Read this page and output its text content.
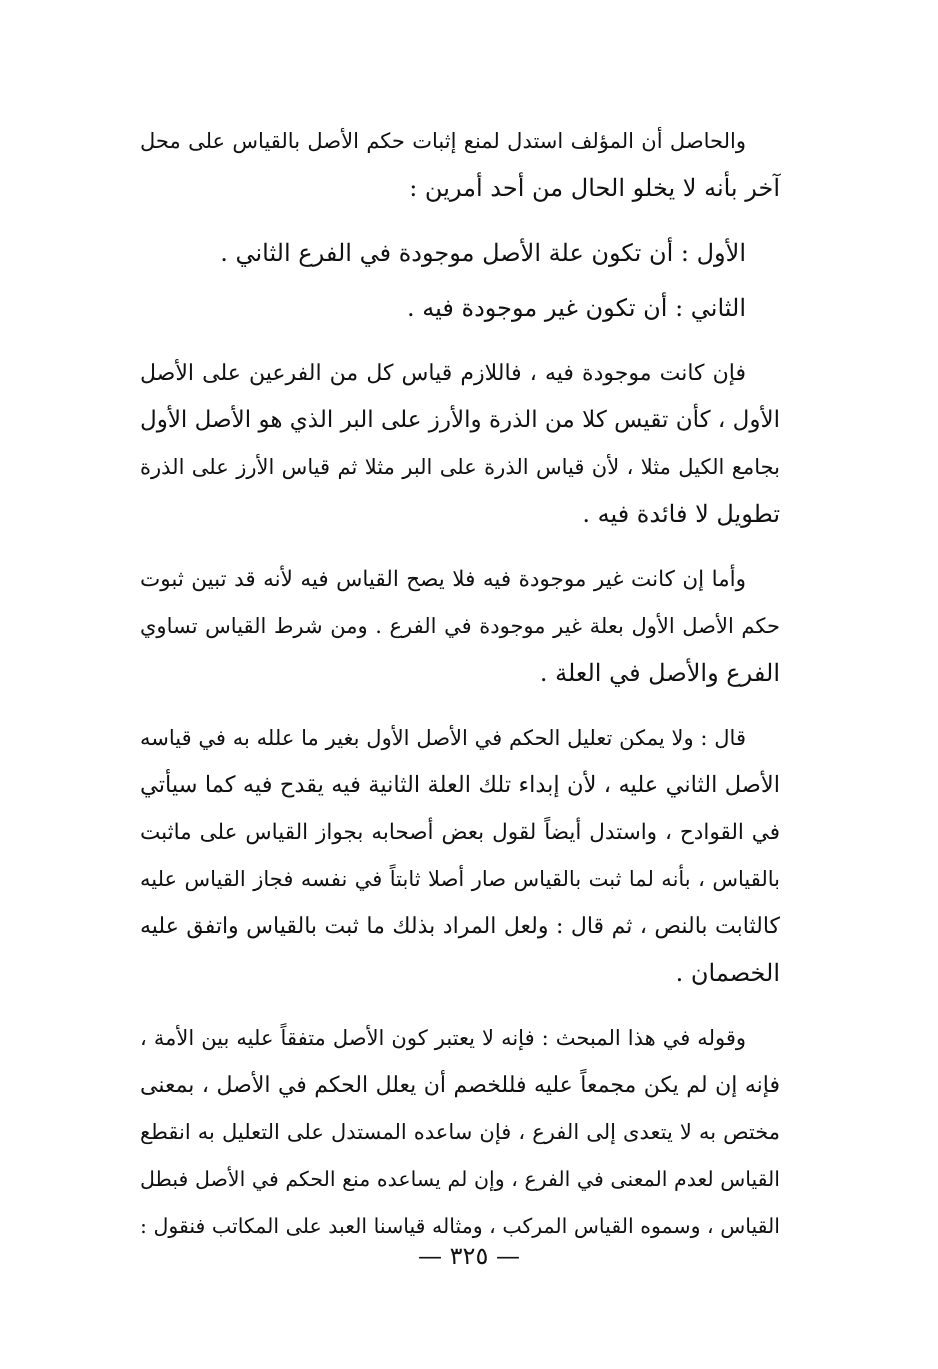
والحاصل أن المؤلف استدل لمنع إثبات حكم الأصل بالقياس على محل
آخر بأنه لا يخلو الحال من أحد أمرين :
الأول : أن تكون علة الأصل موجودة في الفرع الثاني .
الثاني : أن تكون غير موجودة فيه .
فإن كانت موجودة فيه ، فاللازم قياس كل من الفرعين على الأصل
الأول ، كأن تقيس كلا من الذرة والأرز على البر الذي هو الأصل الأول
بجامع الكيل مثلا ، لأن قياس الذرة على البر مثلا ثم قياس الأرز على الذرة
تطويل لا فائدة فيه .
وأما إن كانت غير موجودة فيه فلا يصح القياس فيه لأنه قد تبين ثبوت
حكم الأصل الأول بعلة غير موجودة في الفرع . ومن شرط القياس تساوي
الفرع والأصل في العلة .
قال : ولا يمكن تعليل الحكم في الأصل الأول بغير ما علله به في قياسه
الأصل الثاني عليه ، لأن إبداء تلك العلة الثانية فيه يقدح فيه كما سيأتي
في القوادح ، واستدل أيضاً لقول بعض أصحابه بجواز القياس على ماثبت
بالقياس ، بأنه لما ثبت بالقياس صار أصلا ثابتاً في نفسه فجاز القياس عليه
كالثابت بالنص ، ثم قال : ولعل المراد بذلك ما ثبت بالقياس واتفق عليه
الخصمان .
وقوله في هذا المبحث : فإنه لا يعتبر كون الأصل متفقاً عليه بين الأمة ،
فإنه إن لم يكن مجمعاً عليه فللخصم أن يعلل الحكم في الأصل ، بمعنى
مختص به لا يتعدى إلى الفرع ، فإن ساعده المستدل على التعليل به انقطع
القياس لعدم المعنى في الفرع ، وإن لم يساعده منع الحكم في الأصل فبطل
القياس ، وسموه القياس المركب ، ومثاله قياسنا العبد على المكاتب فنقول :
— ٣٢٥ —
